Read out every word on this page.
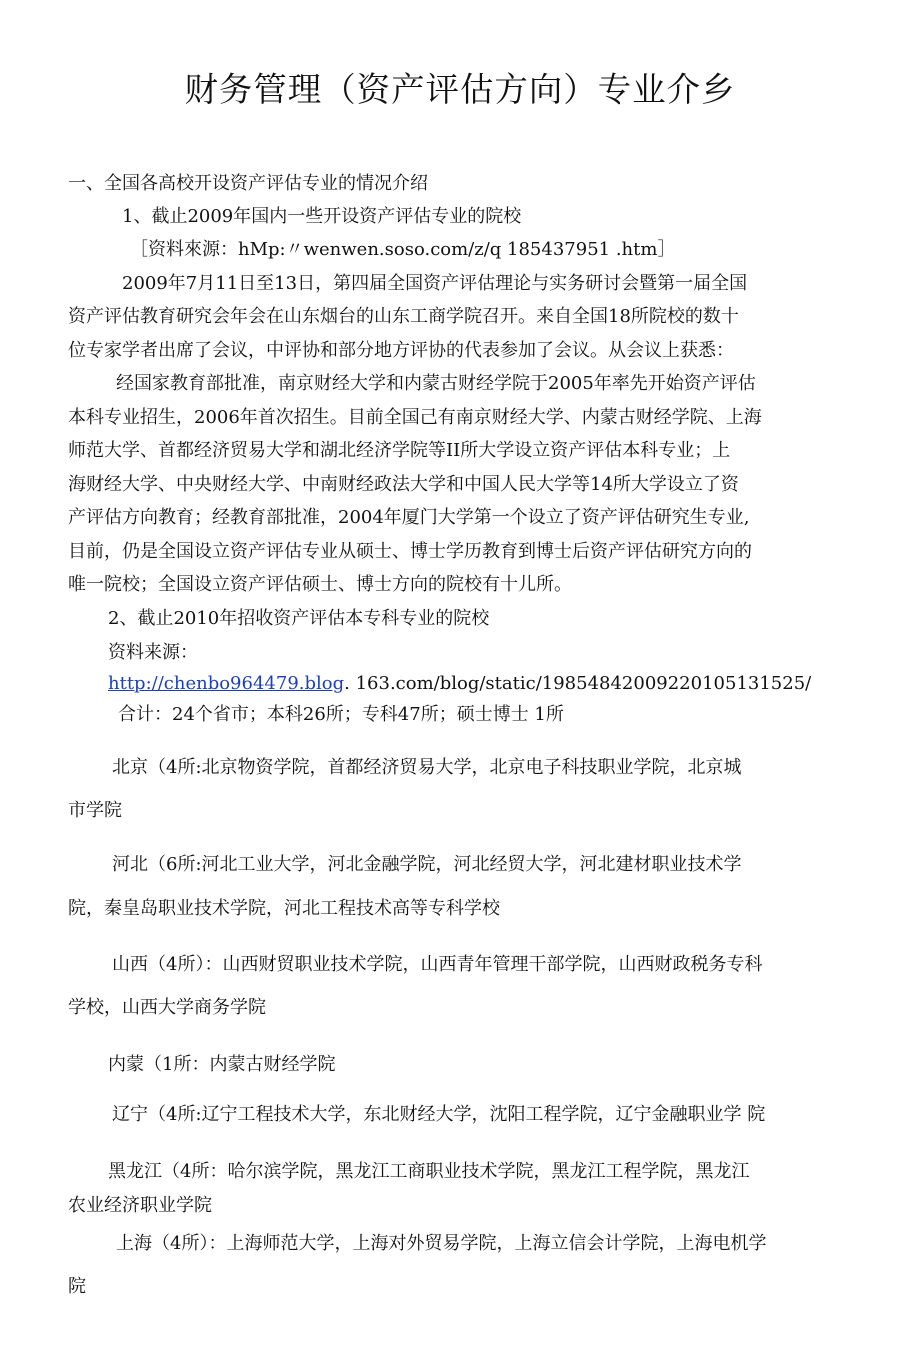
财务管理（资产评估方向）专业介乡
一、全国各高校开设资产评估专业的情况介绍
1、截止2009年国内一些开设资产评估专业的院校
［资料來源：hMp:〃wenwen.soso.com/z/q 185437951 .htm］
2009年7月11日至13日，第四届全国资产评估理论与实务研讨会暨第一届全国
资产评估教育研究会年会在山东烟台的山东工商学院召开。来自全国18所院校的数十
位专家学者出席了会议，中评协和部分地方评协的代表参加了会议。从会议上获悉：
经国家教育部批准，南京财经大学和内蒙古财经学院于2005年率先开始资产评估
本科专业招生，2006年首次招生。目前全国己有南京财经大学、内蒙古财经学院、上海
师范大学、首都经济贸易大学和湖北经济学院等II所大学设立资产评估本科专业；上
海财经大学、中央财经大学、中南财经政法大学和中国人民大学等14所大学设立了资
产评估方向教育；经教育部批准，2004年厦门大学第一个设立了资产评估研究生专业,
目前，仍是全国设立资产评估专业从硕士、博士学历教育到博士后资产评估研究方向的
唯一院校；全国设立资产评估硕士、博士方向的院校有十儿所。
2、截止2010年招收资产评估本专科专业的院校
资料来源：
http://chenbo964479.blog. 163.com/blog/static/1985484200922010513152​5/
合计：24个省市；本科26所；专科47所；硕士博士 1所
北京（4所:北京物资学院，首都经济贸易大学，北京电子科技职业学院，北京城
市学院
河北（6所:河北工业大学，河北金融学院，河北经贸大学，河北建材职业技术学
院，秦皇岛职业技术学院，河北工程技术高等专科学校
山西（4所）：山西财贸职业技术学院，山西青年管理干部学院，山西财政税务专科
学校，山西大学商务学院
内蒙（1所：内蒙古财经学院
辽宁（4所:辽宁工程技术大学，东北财经大学，沈阳工程学院，辽宁金融职业学 院
黑龙江（4所：哈尔滨学院，黑龙江工商职业技术学院，黑龙江工程学院，黑龙江
农业经济职业学院
上海（4所）：上海师范大学，上海对外贸易学院，上海立信会计学院，上海电机学
院
